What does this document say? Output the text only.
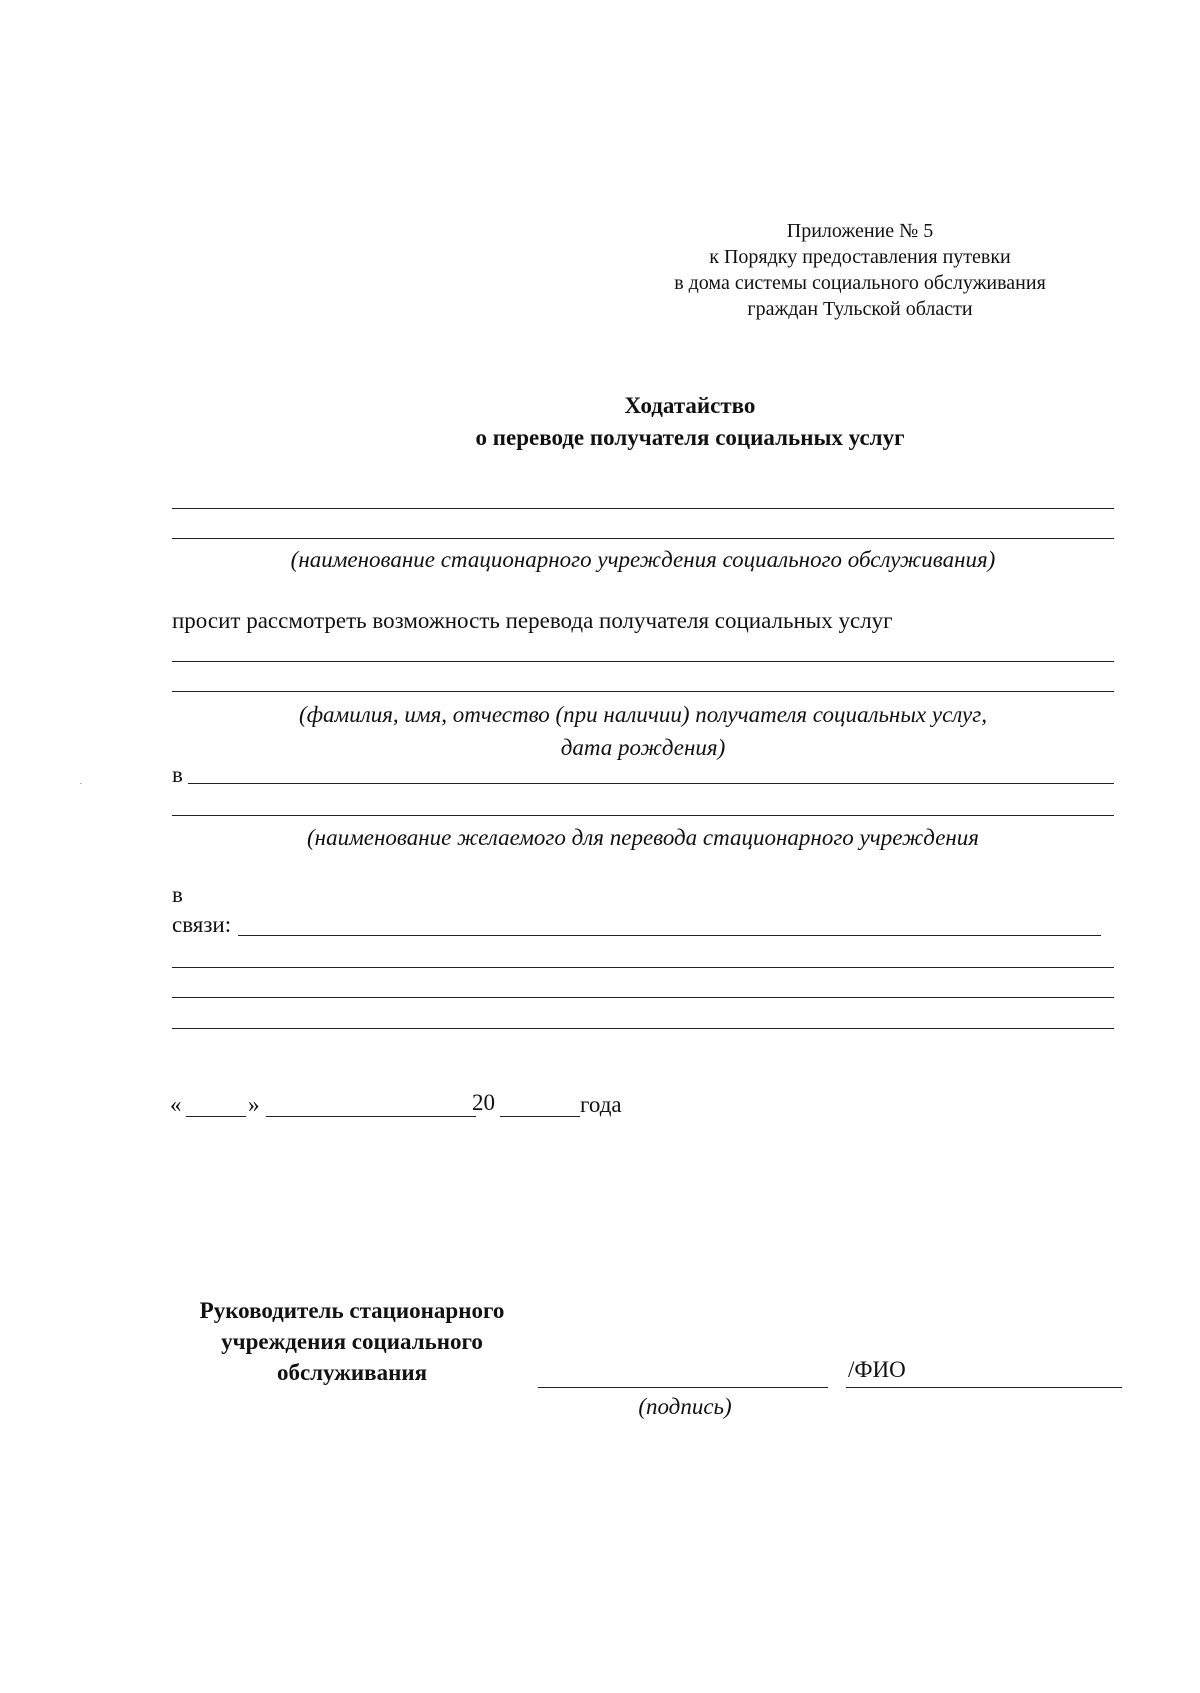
Приложение № 5
к Порядку предоставления путевки
в дома системы социального обслуживания
граждан Тульской области
Ходатайство
о переводе получателя социальных услуг
(наименование стационарного учреждения социального обслуживания)
просит рассмотреть возможность перевода получателя социальных услуг
(фамилия, имя, отчество (при наличии) получателя социальных услуг,
дата рождения)
в
(наименование желаемого для перевода стационарного учреждения
в
связи:
«	»	20	года
Руководитель стационарного
учреждения социального
обслуживания
(подпись)
/ФИО
